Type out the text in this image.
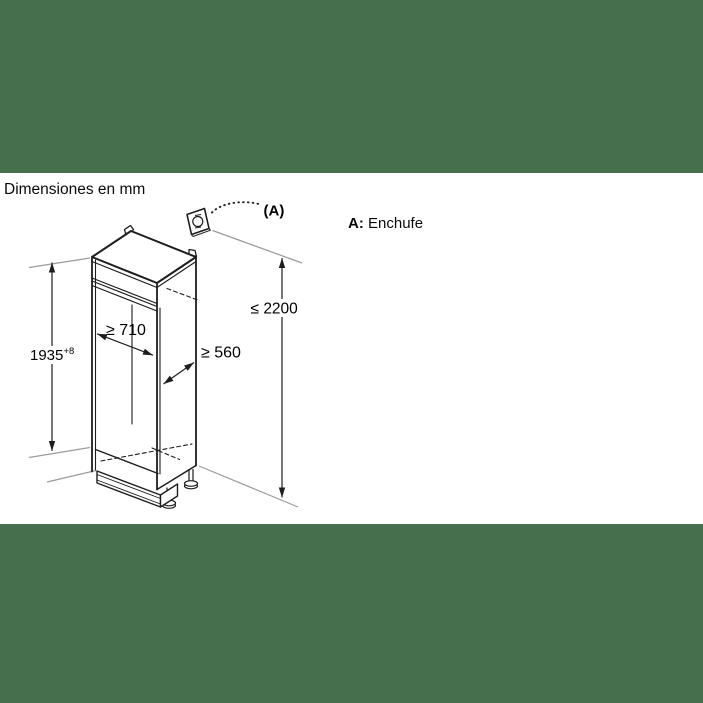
Dimensiones en mm
A: Enchufe
(A)
1935 +8
≤ 2200
≥ 710
≥ 560
